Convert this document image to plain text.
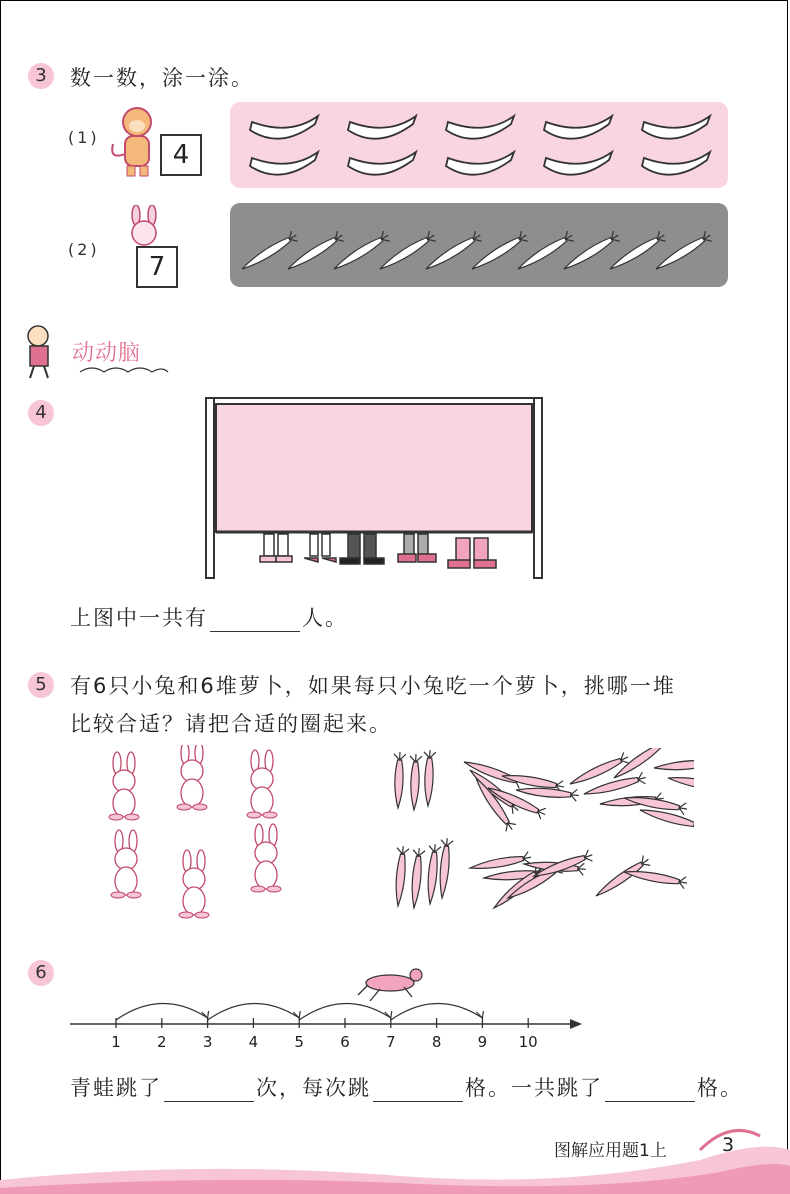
3	数一数，涂一涂。
(1)
4
(2)
7
动动脑
4
上图中一共有	人。
5	有6只小兔和6堆萝卜，如果每只小兔吃一个萝卜，挑哪一堆
比较合适？请把合适的圈起来。
6
1 2 3 4 5 6 7 8 9 10
青蛙跳了	次，每次跳	格。一共跳了	格。
图解应用题1上	3
